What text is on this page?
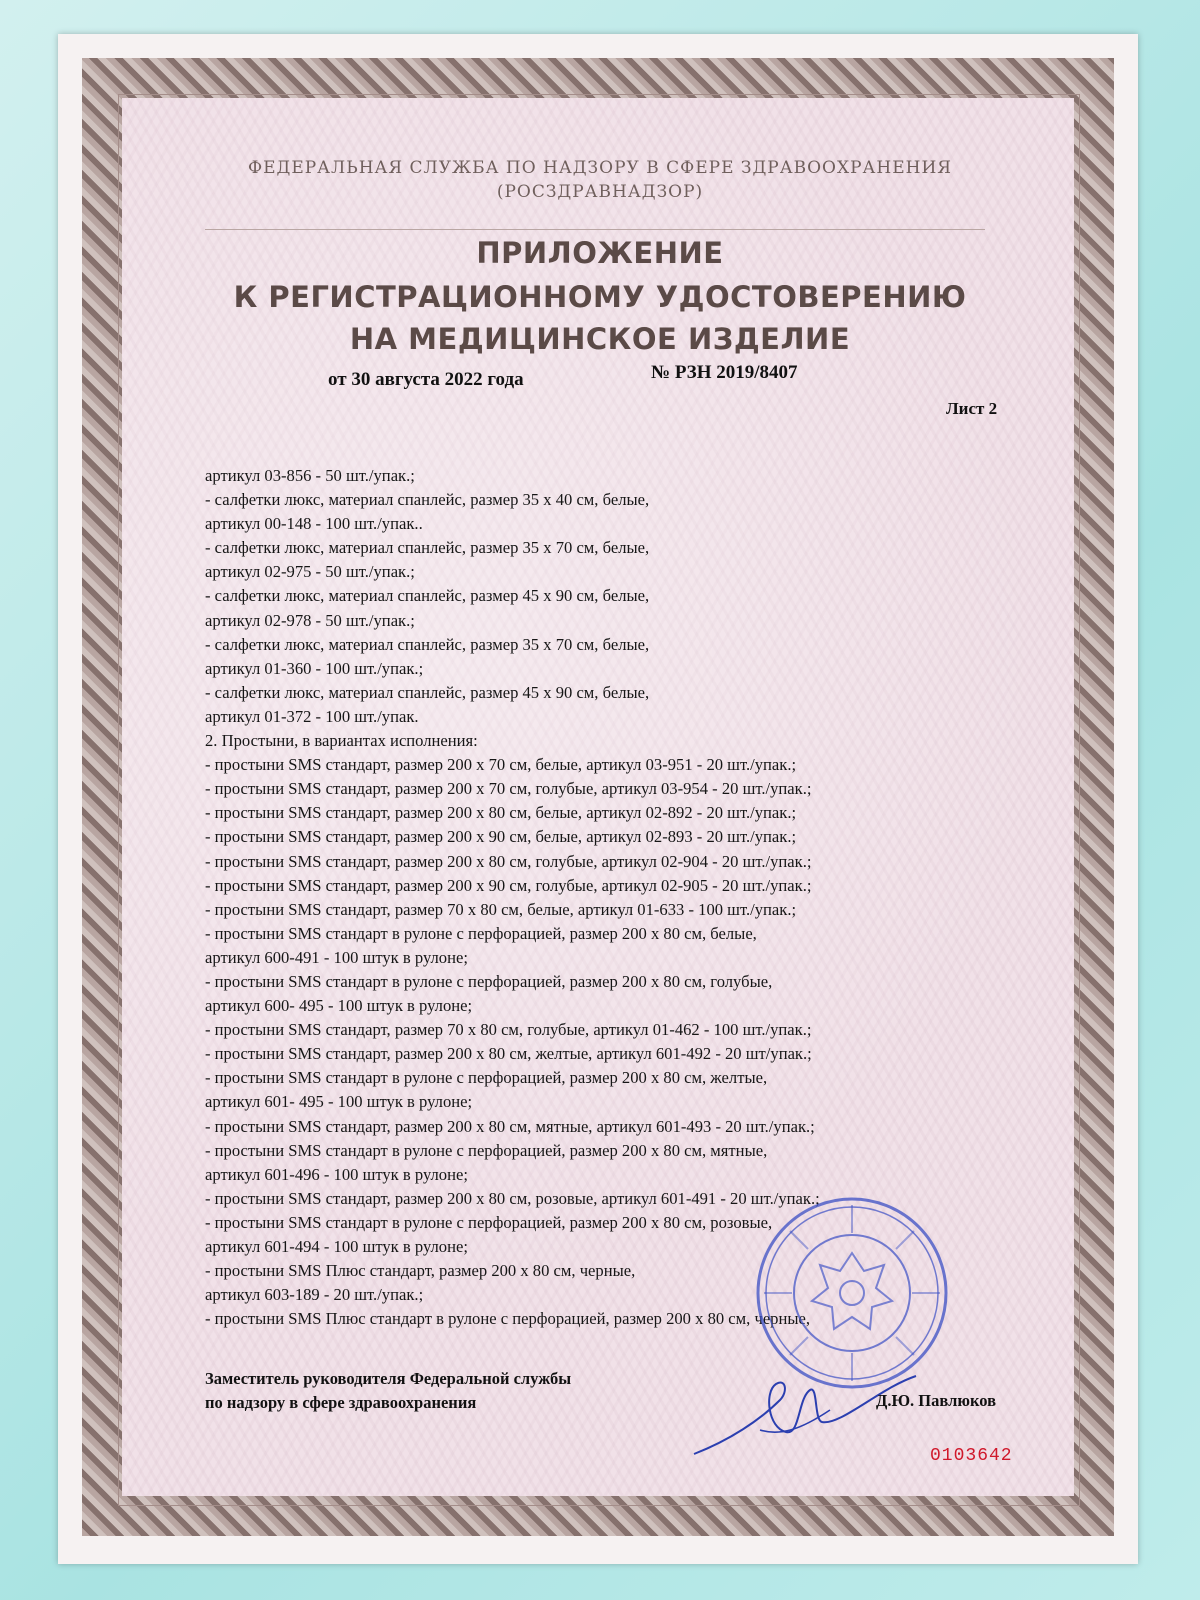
ФЕДЕРАЛЬНАЯ СЛУЖБА ПО НАДЗОРУ В СФЕРЕ ЗДРАВООХРАНЕНИЯ
(РОСЗДРАВНАДЗОР)
ПРИЛОЖЕНИЕ
К РЕГИСТРАЦИОННОМУ УДОСТОВЕРЕНИЮ
НА МЕДИЦИНСКОЕ ИЗДЕЛИЕ
от 30 августа 2022 года	№ РЗН 2019/8407
Лист 2
артикул 03-856 - 50 шт./упак.;
- салфетки люкс, материал спанлейс, размер 35 х 40 см, белые,
артикул 00-148 - 100 шт./упак..
- салфетки люкс, материал спанлейс, размер 35 х 70 см, белые,
артикул 02-975 - 50 шт./упак.;
- салфетки люкс, материал спанлейс, размер 45 х 90 см, белые,
артикул 02-978 - 50 шт./упак.;
- салфетки люкс, материал спанлейс, размер 35 х 70 см, белые,
артикул 01-360 - 100 шт./упак.;
- салфетки люкс, материал спанлейс, размер 45 х 90 см, белые,
артикул 01-372 - 100 шт./упак.
2. Простыни, в вариантах исполнения:
- простыни SMS стандарт, размер 200 х 70 см, белые, артикул 03-951 - 20 шт./упак.;
- простыни SMS стандарт, размер 200 х 70 см, голубые, артикул 03-954 - 20 шт./упак.;
- простыни SMS стандарт, размер 200 х 80 см, белые, артикул 02-892 - 20 шт./упак.;
- простыни SMS стандарт, размер 200 х 90 см, белые, артикул 02-893 - 20 шт./упак.;
- простыни SMS стандарт, размер 200 х 80 см, голубые, артикул 02-904 - 20 шт./упак.;
- простыни SMS стандарт, размер 200 х 90 см, голубые, артикул 02-905 - 20 шт./упак.;
- простыни SMS стандарт, размер 70 х 80 см, белые, артикул 01-633 - 100 шт./упак.;
- простыни SMS стандарт в рулоне с перфорацией, размер 200 х 80 см, белые,
артикул 600-491 - 100 штук в рулоне;
- простыни SMS стандарт в рулоне с перфорацией, размер 200 х 80 см, голубые,
артикул 600- 495 - 100 штук в рулоне;
- простыни SMS стандарт, размер 70 х 80 см, голубые, артикул 01-462 - 100 шт./упак.;
- простыни SMS стандарт, размер 200 х 80 см, желтые, артикул 601-492 - 20 шт/упак.;
- простыни SMS стандарт в рулоне с перфорацией, размер 200 х 80 см, желтые,
артикул 601- 495 - 100 штук в рулоне;
- простыни SMS стандарт, размер 200 х 80 см, мятные, артикул 601-493 - 20 шт./упак.;
- простыни SMS стандарт в рулоне с перфорацией, размер 200 х 80 см, мятные,
артикул 601-496 - 100 штук в рулоне;
- простыни SMS стандарт, размер 200 х 80 см, розовые, артикул 601-491 - 20 шт./упак.;
- простыни SMS стандарт в рулоне с перфорацией, размер 200 х 80 см, розовые,
артикул 601-494 - 100 штук в рулоне;
- простыни SMS Плюс стандарт, размер 200 х 80 см, черные,
артикул 603-189 - 20 шт./упак.;
- простыни SMS Плюс стандарт в рулоне с перфорацией, размер 200 х 80 см, черные,
Заместитель руководителя Федеральной службы
по надзору в сфере здравоохранения	Д.Ю. Павлюков
0103642
